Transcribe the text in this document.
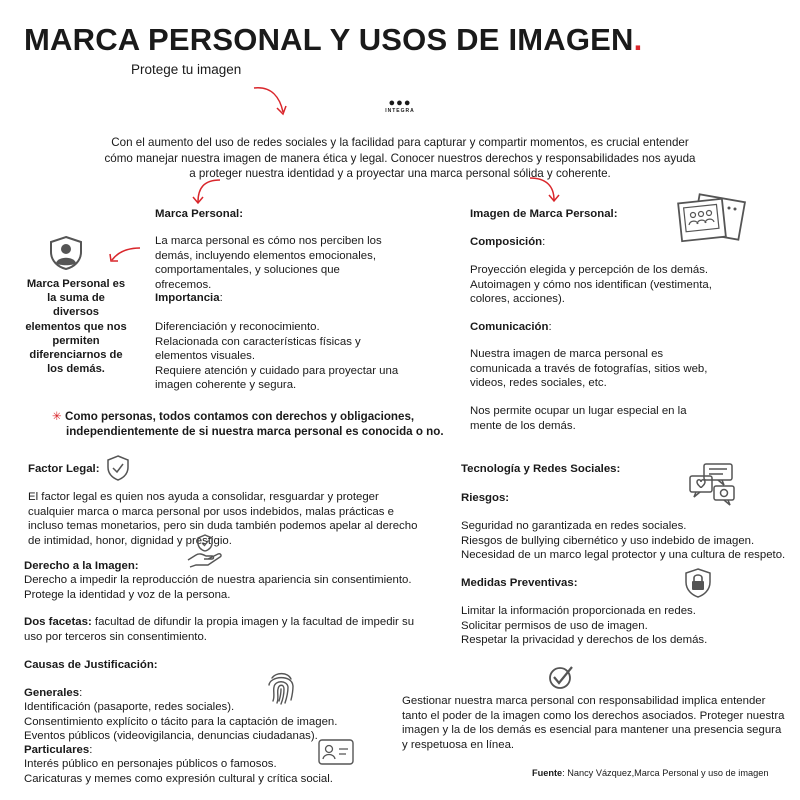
MARCA PERSONAL Y USOS DE IMAGEN.
Protege tu imagen
●●●
INTEGRA
Con el aumento del uso de redes sociales y la facilidad para capturar y compartir momentos, es crucial entender cómo manejar nuestra imagen de manera ética y legal. Conocer nuestros derechos y responsabilidades nos ayuda a proteger nuestra identidad y a proyectar una marca personal sólida y coherente.
Marca Personal es la suma de diversos elementos que nos permiten diferenciarnos de los demás.
Marca Personal:
La marca personal es cómo nos perciben los demás, incluyendo elementos emocionales, comportamentales, y soluciones que ofrecemos.
Importancia:
Diferenciación y reconocimiento.
Relacionada con características físicas y elementos visuales.
Requiere atención y cuidado para proyectar una imagen coherente y segura.
Imagen de Marca Personal:
Composición:
Proyección elegida y percepción de los demás.
Autoimagen y cómo nos identifican (vestimenta, colores, acciones).
Comunicación:
Nuestra imagen de marca personal es comunicada a través de fotografías, sitios web, videos, redes sociales, etc.
Nos permite ocupar un lugar especial en la mente de los demás.
✳ Como personas, todos contamos con derechos y obligaciones,
independientemente de si nuestra marca personal es conocida o no.
Factor Legal:
El factor legal es quien nos ayuda a consolidar, resguardar y proteger cualquier marca o marca personal por usos indebidos, malas prácticas e incluso temas monetarios, pero sin duda también podemos apelar al derecho de intimidad, honor, dignidad y prestigio.
Derecho a la Imagen:
Derecho a impedir la reproducción de nuestra apariencia sin consentimiento.
Protege la identidad y voz de la persona.
Dos facetas: facultad de difundir la propia imagen y la facultad de impedir su uso por terceros sin consentimiento.
Causas de Justificación:
Generales:
Identificación (pasaporte, redes sociales).
Consentimiento explícito o tácito para la captación de imagen.
Eventos públicos (videovigilancia, denuncias ciudadanas).
Particulares:
Interés público en personajes públicos o famosos.
Caricaturas y memes como expresión cultural y crítica social.
Tecnología y Redes Sociales:
Riesgos:
Seguridad no garantizada en redes sociales.
Riesgos de bullying cibernético y uso indebido de imagen.
Necesidad de un marco legal protector y una cultura de respeto.
Medidas Preventivas:
Limitar la información proporcionada en redes.
Solicitar permisos de uso de imagen.
Respetar la privacidad y derechos de los demás.
Gestionar nuestra marca personal con responsabilidad implica entender tanto el poder de la imagen como los derechos asociados. Proteger nuestra imagen y la de los demás es esencial para mantener una presencia segura y respetuosa en línea.
Fuente: Nancy Vázquez,Marca Personal y uso de imagen
